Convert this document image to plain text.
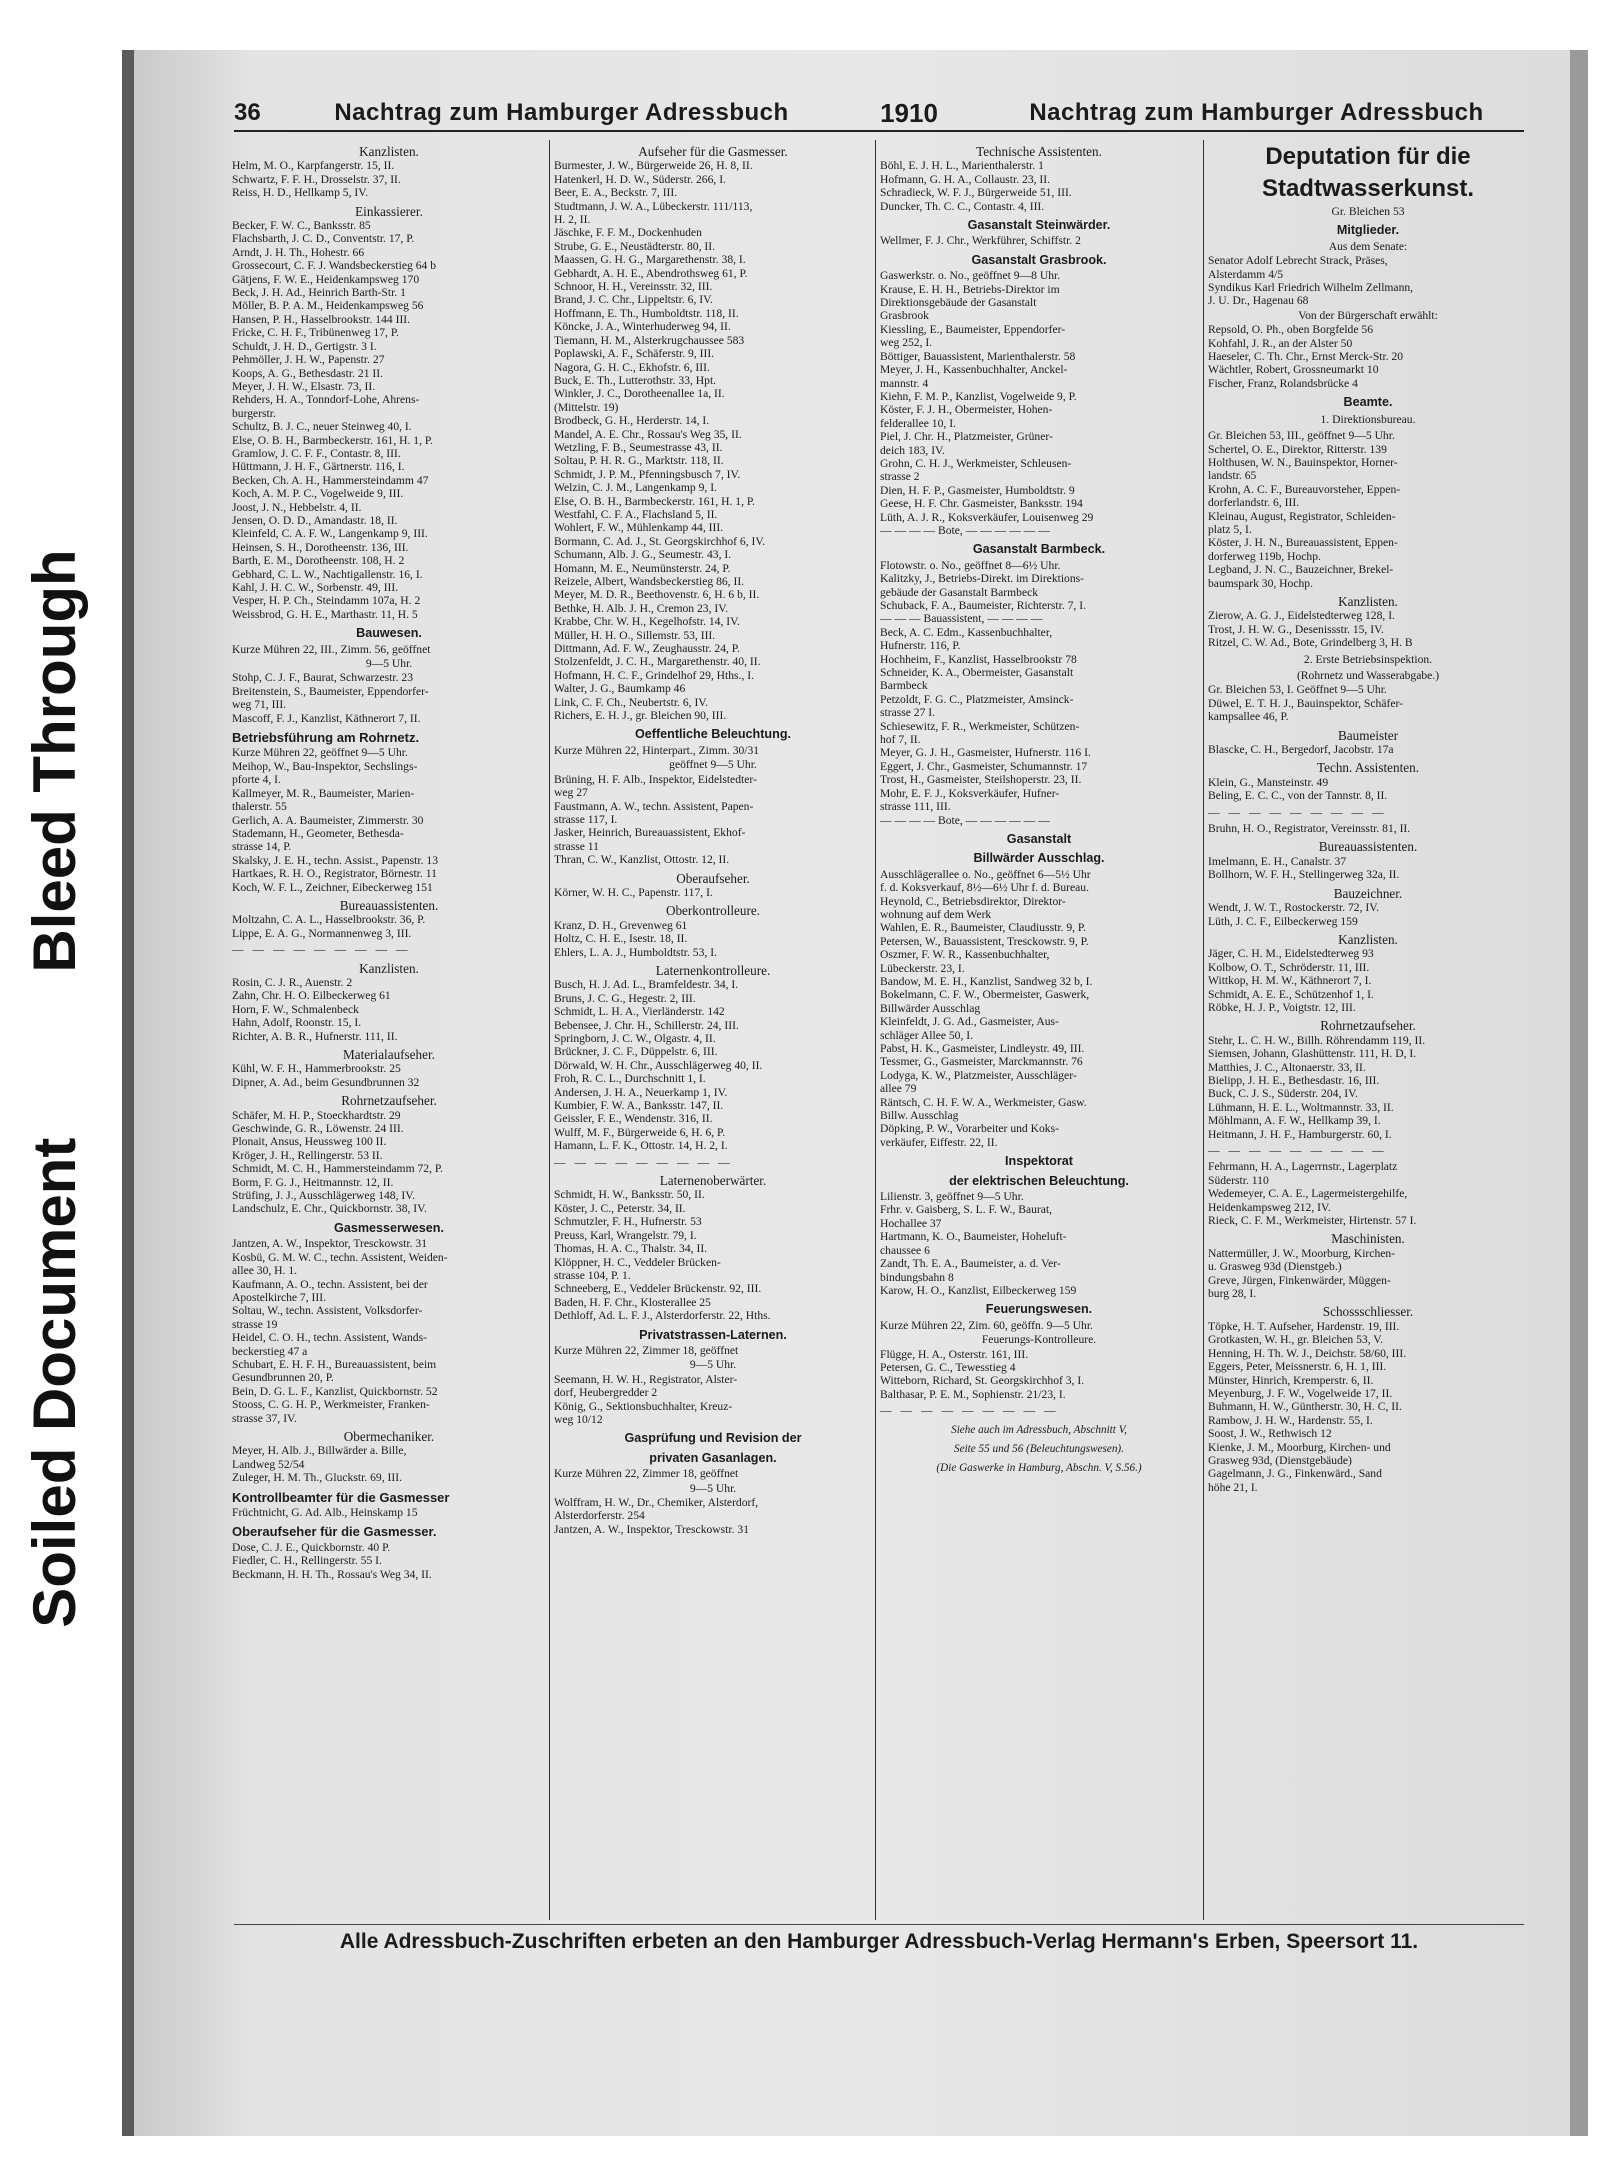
Soiled Document
Bleed Through
36	Nachtrag zum Hamburger Adressbuch	1910	Nachtrag zum Hamburger Adressbuch
Kanzlisten.
Helm, M. O., Karpfangerstr. 15, II.
Schwartz, F. F. H., Drosselstr. 37, II.
Reiss, H. D., Hellkamp 5, IV.
Einkassierer.
Becker, F. W. C., Banksstr. 85
Flachsbarth, J. C. D., Conventstr. 17, P.
Arndt, J. H. Th., Hohestr. 66
Grossecourt, C. F. J. Wandsbeckerstieg 64 b
Gätjens, F. W. E., Heidenkampsweg 170
Beck, J. H. Ad., Heinrich Barth-Str. 1
Möller, B. P. A. M., Heidenkampsweg 56
Hansen, P. H., Hasselbrookstr. 144 III.
Fricke, C. H. F., Tribünenweg 17, P.
Schuldt, J. H. D., Gertigstr. 3 I.
Pehmöller, J. H. W., Papenstr. 27
Koops, A. G., Bethesdastr. 21 II.
Meyer, J. H. W., Elsastr. 73, II.
Rehders, H. A., Tonndorf-Lohe, Ahrens-
burgerstr.
Schultz, B. J. C., neuer Steinweg 40, I.
Else, O. B. H., Barmbeckerstr. 161, H. 1, P.
Gramlow, J. C. F. F., Contastr. 8, III.
Hüttmann, J. H. F., Gärtnerstr. 116, I.
Becken, Ch. A. H., Hammersteindamm 47
Koch, A. M. P. C., Vogelweide 9, III.
Joost, J. N., Hebbelstr. 4, II.
Jensen, O. D. D., Amandastr. 18, II.
Kleinfeld, C. A. F. W., Langenkamp 9, III.
Heinsen, S. H., Dorotheenstr. 136, III.
Barth, E. M., Dorotheenstr. 108, H. 2
Gebhard, C. L. W., Nachtigallenstr. 16, I.
Kahl, J. H. C. W., Sorbenstr. 49, III.
Vesper, H. P. Ch., Steindamm 107a, H. 2
Weissbrod, G. H. E., Marthastr. 11, H. 5
Bauwesen.
Kurze Mühren 22, III., Zimm. 56, geöffnet
9—5 Uhr.
Stohp, C. J. F., Baurat, Schwarzestr. 23
Breitenstein, S., Baumeister, Eppendorfer-
weg 71, III.
Mascoff, F. J., Kanzlist, Käthnerort 7, II.
Betriebsführung am Rohrnetz.
Kurze Mühren 22, geöffnet 9—5 Uhr.
Meihop, W., Bau-Inspektor, Sechslings-
pforte 4, I.
Kallmeyer, M. R., Baumeister, Marien-
thalerstr. 55
Gerlich, A. A. Baumeister, Zimmerstr. 30
Stademann, H., Geometer, Bethesda-
strasse 14, P.
Skalsky, J. E. H., techn. Assist., Papenstr. 13
Hartkaes, R. H. O., Registrator, Börnestr. 11
Koch, W. F. L., Zeichner, Eibeckerweg 151
Bureauassistenten.
Moltzahn, C. A. L., Hasselbrookstr. 36, P.
Lippe, E. A. G., Normannenweg 3, III.
— — — — — — — — —
Kanzlisten.
Rosin, C. J. R., Auenstr. 2
Zahn, Chr. H. O. Eilbeckerweg 61
Horn, F. W., Schmalenbeck
Hahn, Adolf, Roonstr. 15, I.
Richter, A. B. R., Hufnerstr. 111, II.
Materialaufseher.
Kühl, W. F. H., Hammerbrookstr. 25
Dipner, A. Ad., beim Gesundbrunnen 32
Rohrnetzaufseher.
Schäfer, M. H. P., Stoeckhardtstr. 29
Geschwinde, G. R., Löwenstr. 24 III.
Plonait, Ansus, Heussweg 100 II.
Kröger, J. H., Rellingerstr. 53 II.
Schmidt, M. C. H., Hammersteindamm 72, P.
Borm, F. G. J., Heitmannstr. 12, II.
Strüfing, J. J., Ausschlägerweg 148, IV.
Landschulz, E. Chr., Quickbornstr. 38, IV.
Gasmesserwesen.
Jantzen, A. W., Inspektor, Tresckowstr. 31
Kosbü, G. M. W. C., techn. Assistent, Weiden-
allee 30, H. 1.
Kaufmann, A. O., techn. Assistent, bei der
Apostelkirche 7, III.
Soltau, W., techn. Assistent, Volksdorfer-
strasse 19
Heidel, C. O. H., techn. Assistent, Wands-
beckerstieg 47 a
Schubart, E. H. F. H., Bureauassistent, beim
Gesundbrunnen 20, P.
Bein, D. G. L. F., Kanzlist, Quickbornstr. 52
Stooss, C. G. H. P., Werkmeister, Franken-
strasse 37, IV.
Obermechaniker.
Meyer, H. Alb. J., Billwärder a. Bille,
Landweg 52/54
Zuleger, H. M. Th., Gluckstr. 69, III.
Kontrollbeamter für die Gasmesser
Früchtnicht, G. Ad. Alb., Heinskamp 15
Oberaufseher für die Gasmesser.
Dose, C. J. E., Quickbornstr. 40 P.
Fiedler, C. H., Rellingerstr. 55 I.
Beckmann, H. H. Th., Rossau's Weg 34, II.
Aufseher für die Gasmesser.
Burmester, J. W., Bürgerweide 26, H. 8, II.
Hatenkerl, H. D. W., Süderstr. 266, I.
Beer, E. A., Beckstr. 7, III.
Studtmann, J. W. A., Lübeckerstr. 111/113,
H. 2, II.
Jäschke, F. F. M., Dockenhuden
Strube, G. E., Neustädterstr. 80, II.
Maassen, G. H. G., Margarethenstr. 38, I.
Gebhardt, A. H. E., Abendrothsweg 61, P.
Schnoor, H. H., Vereinsstr. 32, III.
Brand, J. C. Chr., Lippeltstr. 6, IV.
Hoffmann, E. Th., Humboldtstr. 118, II.
Köncke, J. A., Winterhuderweg 94, II.
Tiemann, H. M., Alsterkrugchaussee 583
Poplawski, A. F., Schäferstr. 9, III.
Nagora, G. H. C., Ekhofstr. 6, III.
Buck, E. Th., Lutterothstr. 33, Hpt.
Winkler, J. C., Dorotheenallee 1a, II.
(Mittelstr. 19)
Brodbeck, G. H., Herderstr. 14, I.
Mandel, A. E. Chr., Rossau's Weg 35, II.
Wetzling, F. B., Seumestrasse 43, II.
Soltau, P. H. R. G., Marktstr. 118, II.
Schmidt, J. P. M., Pfenningsbusch 7, IV.
Welzin, C. J. M., Langenkamp 9, I.
Else, O. B. H., Barmbeckerstr. 161, H. 1, P.
Westfahl, C. F. A., Flachsland 5, II.
Wohlert, F. W., Mühlenkamp 44, III.
Bormann, C. Ad. J., St. Georgskirchhof 6, IV.
Schumann, Alb. J. G., Seumestr. 43, I.
Homann, M. E., Neumünsterstr. 24, P.
Reizele, Albert, Wandsbeckerstieg 86, II.
Meyer, M. D. R., Beethovenstr. 6, H. 6 b, II.
Bethke, H. Alb. J. H., Cremon 23, IV.
Krabbe, Chr. W. H., Kegelhofstr. 14, IV.
Müller, H. H. O., Sillemstr. 53, III.
Dittmann, Ad. F. W., Zeughausstr. 24, P.
Stolzenfeldt, J. C. H., Margarethenstr. 40, II.
Hofmann, H. C. F., Grindelhof 29, Hths., I.
Walter, J. G., Baumkamp 46
Link, C. F. Ch., Neubertstr. 6, IV.
Richers, E. H. J., gr. Bleichen 90, III.
Oeffentliche Beleuchtung.
Kurze Mühren 22, Hinterpart., Zimm. 30/31
geöffnet 9—5 Uhr.
Brüning, H. F. Alb., Inspektor, Eidelstedter-
weg 27
Faustmann, A. W., techn. Assistent, Papen-
strasse 117, I.
Jasker, Heinrich, Bureauassistent, Ekhof-
strasse 11
Thran, C. W., Kanzlist, Ottostr. 12, II.
Oberaufseher.
Körner, W. H. C., Papenstr. 117, I.
Oberkontrolleure.
Kranz, D. H., Grevenweg 61
Holtz, C. H. E., Isestr. 18, II.
Ehlers, L. A. J., Humboldtstr. 53, I.
Laternenkontrolleure.
Busch, H. J. Ad. L., Bramfeldestr. 34, I.
Bruns, J. C. G., Hegestr. 2, III.
Schmidt, L. H. A., Vierländerstr. 142
Bebensee, J. Chr. H., Schillerstr. 24, III.
Springborn, J. C. W., Olgastr. 4, II.
Brückner, J. C. F., Düppelstr. 6, III.
Dörwald, W. H. Chr., Ausschlägerweg 40, II.
Froh, R. C. L., Durchschnitt 1, I.
Andersen, J. H. A., Neuerkamp 1, IV.
Kumbier, F. W. A., Banksstr. 147, II.
Geissler, F. E., Wendenstr. 316, II.
Wulff, M. F., Bürgerweide 6, H. 6, P.
Hamann, L. F. K., Ottostr. 14, H. 2, I.
— — — — — — — — —
Laternenoberwärter.
Schmidt, H. W., Banksstr. 50, II.
Köster, J. C., Peterstr. 34, II.
Schmutzler, F. H., Hufnerstr. 53
Preuss, Karl, Wrangelstr. 79, I.
Thomas, H. A. C., Thalstr. 34, II.
Klöppner, H. C., Veddeler Brücken-
strasse 104, P. 1.
Schneeberg, E., Veddeler Brückenstr. 92, III.
Baden, H. F. Chr., Klosterallee 25
Dethloff, Ad. L. F. J., Alsterdorferstr. 22, Hths.
Privatstrassen-Laternen.
Kurze Mühren 22, Zimmer 18, geöffnet
9—5 Uhr.
Seemann, H. W. H., Registrator, Alster-
dorf, Heubergredder 2
König, G., Sektionsbuchhalter, Kreuz-
weg 10/12
Gasprüfung und Revision der
privaten Gasanlagen.
Kurze Mühren 22, Zimmer 18, geöffnet
9—5 Uhr.
Wolffram, H. W., Dr., Chemiker, Alsterdorf,
Alsterdorferstr. 254
Jantzen, A. W., Inspektor, Tresckowstr. 31
Technische Assistenten.
Böhl, E. J. H. L., Marienthalerstr. 1
Hofmann, G. H. A., Collaustr. 23, II.
Schradieck, W. F. J., Bürgerweide 51, III.
Duncker, Th. C. C., Contastr. 4, III.
Gasanstalt Steinwärder.
Wellmer, F. J. Chr., Werkführer, Schiffstr. 2
Gasanstalt Grasbrook.
Gaswerkstr. o. No., geöffnet 9—8 Uhr.
Krause, E. H. H., Betriebs-Direktor im
Direktionsgebäude der Gasanstalt
Grasbrook
Kiessling, E., Baumeister, Eppendorfer-
weg 252, I.
Böttiger, Bauassistent, Marienthalerstr. 58
Meyer, J. H., Kassenbuchhalter, Anckel-
mannstr. 4
Kiehn, F. M. P., Kanzlist, Vogelweide 9, P.
Köster, F. J. H., Obermeister, Hohen-
felderallee 10, I.
Piel, J. Chr. H., Platzmeister, Grüner-
deich 183, IV.
Grohn, C. H. J., Werkmeister, Schleusen-
strasse 2
Dien, H. F. P., Gasmeister, Humboldtstr. 9
Geese, H. F. Chr. Gasmeister, Banksstr. 194
Lüth, A. J. R., Koksverkäufer, Louisenweg 29
— — — — Bote, — — — — — —
Gasanstalt Barmbeck.
Flotowstr. o. No., geöffnet 8—6½ Uhr.
Kalitzky, J., Betriebs-Direkt. im Direktions-
gebäude der Gasanstalt Barmbeck
Schuback, F. A., Baumeister, Richterstr. 7, I.
— — — Bauassistent, — — — —
Beck, A. C. Edm., Kassenbuchhalter,
Hufnerstr. 116, P.
Hochheim, F., Kanzlist, Hasselbrookstr 78
Schneider, K. A., Obermeister, Gasanstalt
Barmbeck
Petzoldt, F. G. C., Platzmeister, Amsinck-
strasse 27 I.
Schiesewitz, F. R., Werkmeister, Schützen-
hof 7, II.
Meyer, G. J. H., Gasmeister, Hufnerstr. 116 I.
Eggert, J. Chr., Gasmeister, Schumannstr. 17
Trost, H., Gasmeister, Steilshoperstr. 23, II.
Mohr, E. F. J., Koksverkäufer, Hufner-
strasse 111, III.
— — — — Bote, — — — — — —
Gasanstalt
Billwärder Ausschlag.
Ausschlägerallee o. No., geöffnet 6—5½ Uhr
f. d. Koksverkauf, 8½—6½ Uhr f. d. Bureau.
Heynold, C., Betriebsdirektor, Direktor-
wohnung auf dem Werk
Wahlen, E. R., Baumeister, Claudiusstr. 9, P.
Petersen, W., Bauassistent, Tresckowstr. 9, P.
Oszmer, F. W. R., Kassenbuchhalter,
Lübeckerstr. 23, I.
Bandow, M. E. H., Kanzlist, Sandweg 32 b, I.
Bokelmann, C. F. W., Obermeister, Gaswerk,
Billwärder Ausschlag
Kleinfeldt, J. G. Ad., Gasmeister, Aus-
schläger Allee 50, I.
Pabst, H. K., Gasmeister, Lindleystr. 49, III.
Tessmer, G., Gasmeister, Marckmannstr. 76
Lodyga, K. W., Platzmeister, Ausschläger-
allee 79
Räntsch, C. H. F. W. A., Werkmeister, Gasw.
Billw. Ausschlag
Döpking, P. W., Vorarbeiter und Koks-
verkäufer, Eiffestr. 22, II.
Inspektorat
der elektrischen Beleuchtung.
Lilienstr. 3, geöffnet 9—5 Uhr.
Frhr. v. Gaisberg, S. L. F. W., Baurat,
Hochallee 37
Hartmann, K. O., Baumeister, Hoheluft-
chaussee 6
Zandt, Th. E. A., Baumeister, a. d. Ver-
bindungsbahn 8
Karow, H. O., Kanzlist, Eilbeckerweg 159
Feuerungswesen.
Kurze Mühren 22, Zim. 60, geöffn. 9—5 Uhr.
Feuerungs-Kontrolleure.
Flügge, H. A., Osterstr. 161, III.
Petersen, G. C., Tewesstieg 4
Witteborn, Richard, St. Georgskirchhof 3, I.
Balthasar, P. E. M., Sophienstr. 21/23, I.
— — — — — — — — —
Siehe auch im Adressbuch, Abschnitt V,
Seite 55 und 56 (Beleuchtungswesen).
(Die Gaswerke in Hamburg, Abschn. V, S.56.)
Deputation für die
Stadtwasserkunst.
Gr. Bleichen 53
Mitglieder.
Aus dem Senate:
Senator Adolf Lebrecht Strack, Präses,
Alsterdamm 4/5
Syndikus Karl Friedrich Wilhelm Zellmann,
J. U. Dr., Hagenau 68
Von der Bürgerschaft erwählt:
Repsold, O. Ph., oben Borgfelde 56
Kohfahl, J. R., an der Alster 50
Haeseler, C. Th. Chr., Ernst Merck-Str. 20
Wächtler, Robert, Grossneumarkt 10
Fischer, Franz, Rolandsbrücke 4
Beamte.
1. Direktionsbureau.
Gr. Bleichen 53, III., geöffnet 9—5 Uhr.
Schertel, O. E., Direktor, Ritterstr. 139
Holthusen, W. N., Bauinspektor, Horner-
landstr. 65
Krohn, A. C. F., Bureauvorsteher, Eppen-
dorferlandstr. 6, III.
Kleinau, August, Registrator, Schleiden-
platz 5, I.
Köster, J. H. N., Bureauassistent, Eppen-
dorferweg 119b, Hochp.
Legband, J. N. C., Bauzeichner, Brekel-
baumspark 30, Hochp.
Kanzlisten.
Zierow, A. G. J., Eidelstedterweg 128, I.
Trost, J. H. W. G., Desenissstr. 15, IV.
Ritzel, C. W. Ad., Bote, Grindelberg 3, H. B
2. Erste Betriebsinspektion.
(Rohrnetz und Wasserabgabe.)
Gr. Bleichen 53, I. Geöffnet 9—5 Uhr.
Düwel, E. T. H. J., Bauinspektor, Schäfer-
kampsallee 46, P.
Baumeister
Blascke, C. H., Bergedorf, Jacobstr. 17a
Techn. Assistenten.
Klein, G., Mansteinstr. 49
Beling, E. C. C., von der Tannstr. 8, II.
— — — — — — — — —
Bruhn, H. O., Registrator, Vereinsstr. 81, II.
Bureauassistenten.
Imelmann, E. H., Canalstr. 37
Bollhorn, W. F. H., Stellingerweg 32a, II.
Bauzeichner.
Wendt, J. W. T., Rostockerstr. 72, IV.
Lüth, J. C. F., Eilbeckerweg 159
Kanzlisten.
Jäger, C. H. M., Eidelstedterweg 93
Kolbow, O. T., Schröderstr. 11, III.
Wittkop, H. M. W., Käthnerort 7, I.
Schmidt, A. E. E., Schützenhof 1, I.
Röbke, H. J. P., Voigtstr. 12, III.
Rohrnetzaufseher.
Stehr, L. C. H. W., Billh. Röhrendamm 119, II.
Siemsen, Johann, Glashüttenstr. 111, H. D, I.
Matthies, J. C., Altonaerstr. 33, II.
Bielipp, J. H. E., Bethesdastr. 16, III.
Buck, C. J. S., Süderstr. 204, IV.
Lühmann, H. E. L., Woltmannstr. 33, II.
Möhlmann, A. F. W., Hellkamp 39, I.
Heitmann, J. H. F., Hamburgerstr. 60, I.
— — — — — — — — —
Fehrmann, H. A., Lagerrnstr., Lagerplatz
Süderstr. 110
Wedemeyer, C. A. E., Lagermeistergehilfe,
Heidenkampsweg 212, IV.
Rieck, C. F. M., Werkmeister, Hirtenstr. 57 I.
Maschinisten.
Nattermüller, J. W., Moorburg, Kirchen-
u. Grasweg 93d (Dienstgeb.)
Greve, Jürgen, Finkenwärder, Müggen-
burg 28, I.
Schossschliesser.
Töpke, H. T. Aufseher, Hardenstr. 19, III.
Grotkasten, W. H., gr. Bleichen 53, V.
Henning, H. Th. W. J., Deichstr. 58/60, III.
Eggers, Peter, Meissnerstr. 6, H. 1, III.
Münster, Hinrich, Kremperstr. 6, II.
Meyenburg, J. F. W., Vogelweide 17, II.
Buhmann, H. W., Güntherstr. 30, H. C, II.
Rambow, J. H. W., Hardenstr. 55, I.
Soost, J. W., Rethwisch 12
Kienke, J. M., Moorburg, Kirchen- und
Grasweg 93d, (Dienstgebäude)
Gagelmann, J. G., Finkenwärd., Sand
höhe 21, I.
Alle Adressbuch-Zuschriften erbeten an den Hamburger Adressbuch-Verlag Hermann's Erben, Speersort 11.
